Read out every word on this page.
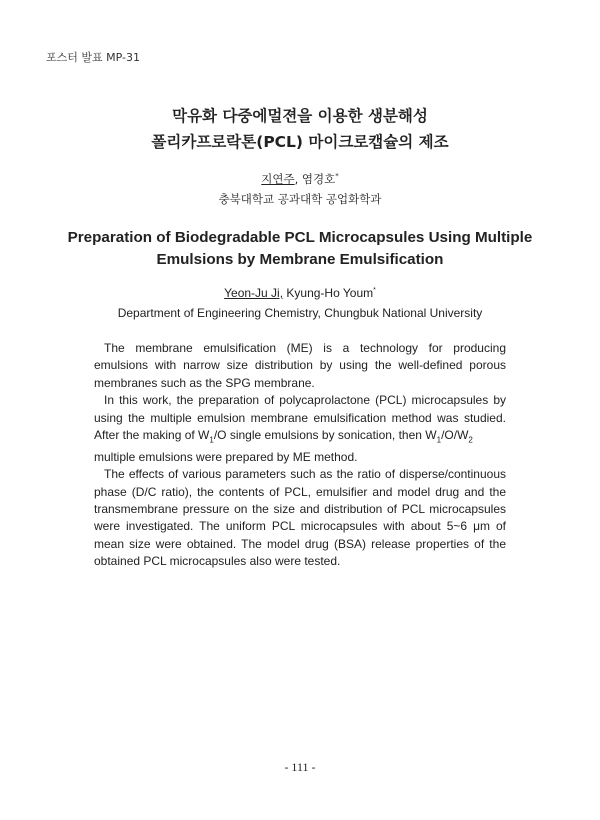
포스터 발표 MP-31
막유화 다중에멀젼을 이용한 생분해성
폴리카프로락톤(PCL) 마이크로캡슐의 제조
지연주, 염경호*
충북대학교 공과대학 공업화학과
Preparation of Biodegradable PCL Microcapsules Using Multiple
Emulsions by Membrane Emulsification
Yeon-Ju Ji, Kyung-Ho Youm*
Department of Engineering Chemistry, Chungbuk National University
The membrane emulsification (ME) is a technology for producing
emulsions with narrow size distribution by using the well-defined porous
membranes such as the SPG membrane.
In this work, the preparation of polycaprolactone (PCL) microcapsules by
using the multiple emulsion membrane emulsification method was studied.
After the making of $W_1/O$ single emulsions by sonication, then $W_1/O/W_2$
multiple emulsions were prepared by ME method.
The effects of various parameters such as the ratio of disperse/continuous
phase (D/C ratio), the contents of PCL, emulsifier and model drug and the
transmembrane pressure on the size and distribution of PCL microcapsules
were investigated. The uniform PCL microcapsules with about 5~6 μm of
mean size were obtained. The model drug (BSA) release properties of the
obtained PCL microcapsules also were tested.
- 111 -
